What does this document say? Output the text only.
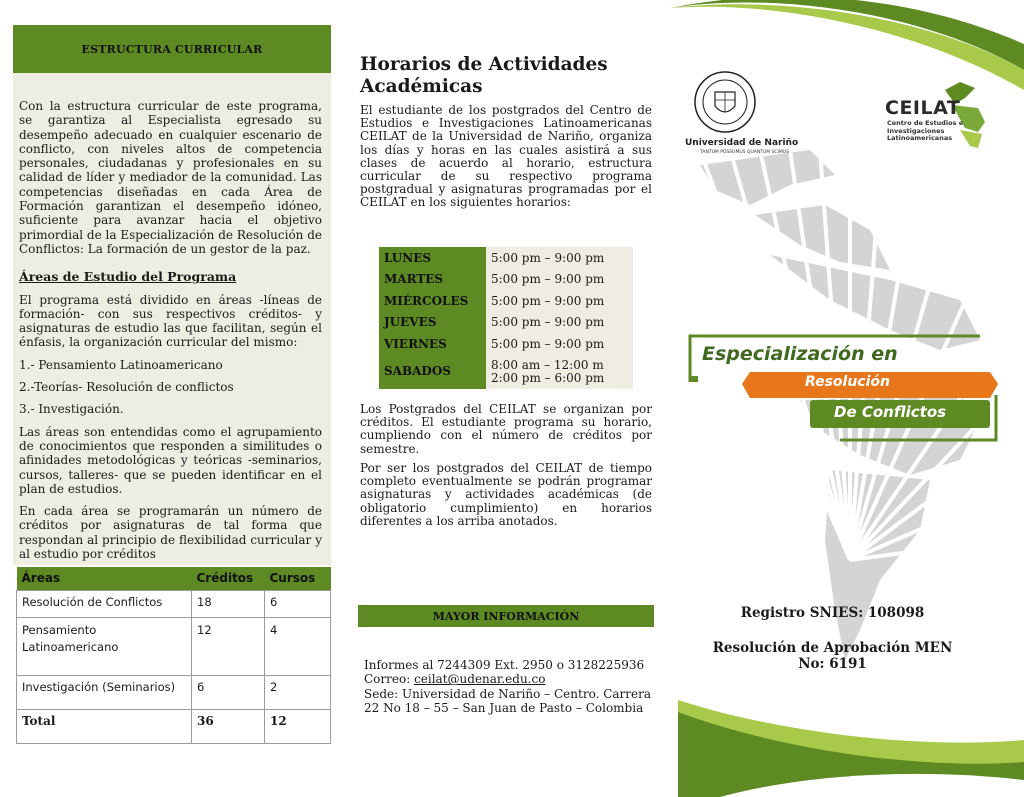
ESTRUCTURA CURRICULAR

Con la estructura curricular de este programa, se garantiza al Especialista egresado su desempeño adecuado en cualquier escenario de conflicto, con niveles altos de competencia personales, ciudadanas y profesionales en su calidad de líder y mediador de la comunidad. Las competencias diseñadas en cada Área de Formación garantizan el desempeño idóneo, suficiente para avanzar hacia el objetivo primordial de la Especialización de Resolución de Conflictos: La formación de un gestor de la paz.

Áreas de Estudio del Programa

El programa está dividido en áreas -líneas de formación- con sus respectivos créditos- y asignaturas de estudio las que facilitan, según el énfasis, la organización curricular del mismo:

1.- Pensamiento Latinoamericano

2.-Teorías- Resolución de conflictos

3.- Investigación.

Las áreas son entendidas como el agrupamiento de conocimientos que responden a similitudes o afinidades metodológicas y teóricas -seminarios, cursos, talleres- que se pueden identificar en el plan de estudios.

En cada área se programarán un número de créditos por asignaturas de tal forma que respondan al principio de flexibilidad curricular y al estudio por créditos

Áreas	Créditos	Cursos
Resolución de Conflictos	18	6
Pensamiento Latinoamericano	12	4
Investigación (Seminarios)	6	2
Total	36	12
Horarios de Actividades Académicas

El estudiante de los postgrados del Centro de Estudios e Investigaciones Latinoamericanas CEILAT de la Universidad de Nariño, organiza los días y horas en las cuales asistirá a sus clases de acuerdo al horario, estructura curricular de su respectivo programa postgradual y asignaturas programadas por el CEILAT en los siguientes horarios:

LUNES	5:00 pm – 9:00 pm
MARTES	5:00 pm – 9:00 pm
MIÉRCOLES	5:00 pm – 9:00 pm
JUEVES	5:00 pm – 9:00 pm
VIERNES	5:00 pm – 9:00 pm
SABADOS	8:00 am – 12:00 m
2:00 pm – 6:00 pm

Los Postgrados del CEILAT se organizan por créditos. El estudiante programa su horario, cumpliendo con el número de créditos por semestre.

Por ser los postgrados del CEILAT de tiempo completo eventualmente se podrán programar asignaturas y actividades académicas (de obligatorio cumplimiento) en horarios diferentes a los arriba anotados.

MAYOR INFORMACIÓN
Informes al 7244309 Ext. 2950 o 3128225936
Correo: ceilat@udenar.edu.co
Sede: Universidad de Nariño – Centro. Carrera 22 No 18 – 55 – San Juan de Pasto – Colombia
Universidad de Nariño
TANTUM POSSUMUS QUANTUM SCIMUS
CEILAT
Centro de Estudios e Investigaciones Latinoamericanas
Especialización en
Resolución
De Conflictos
Registro SNIES: 108098
Resolución de Aprobación MEN
No: 6191
